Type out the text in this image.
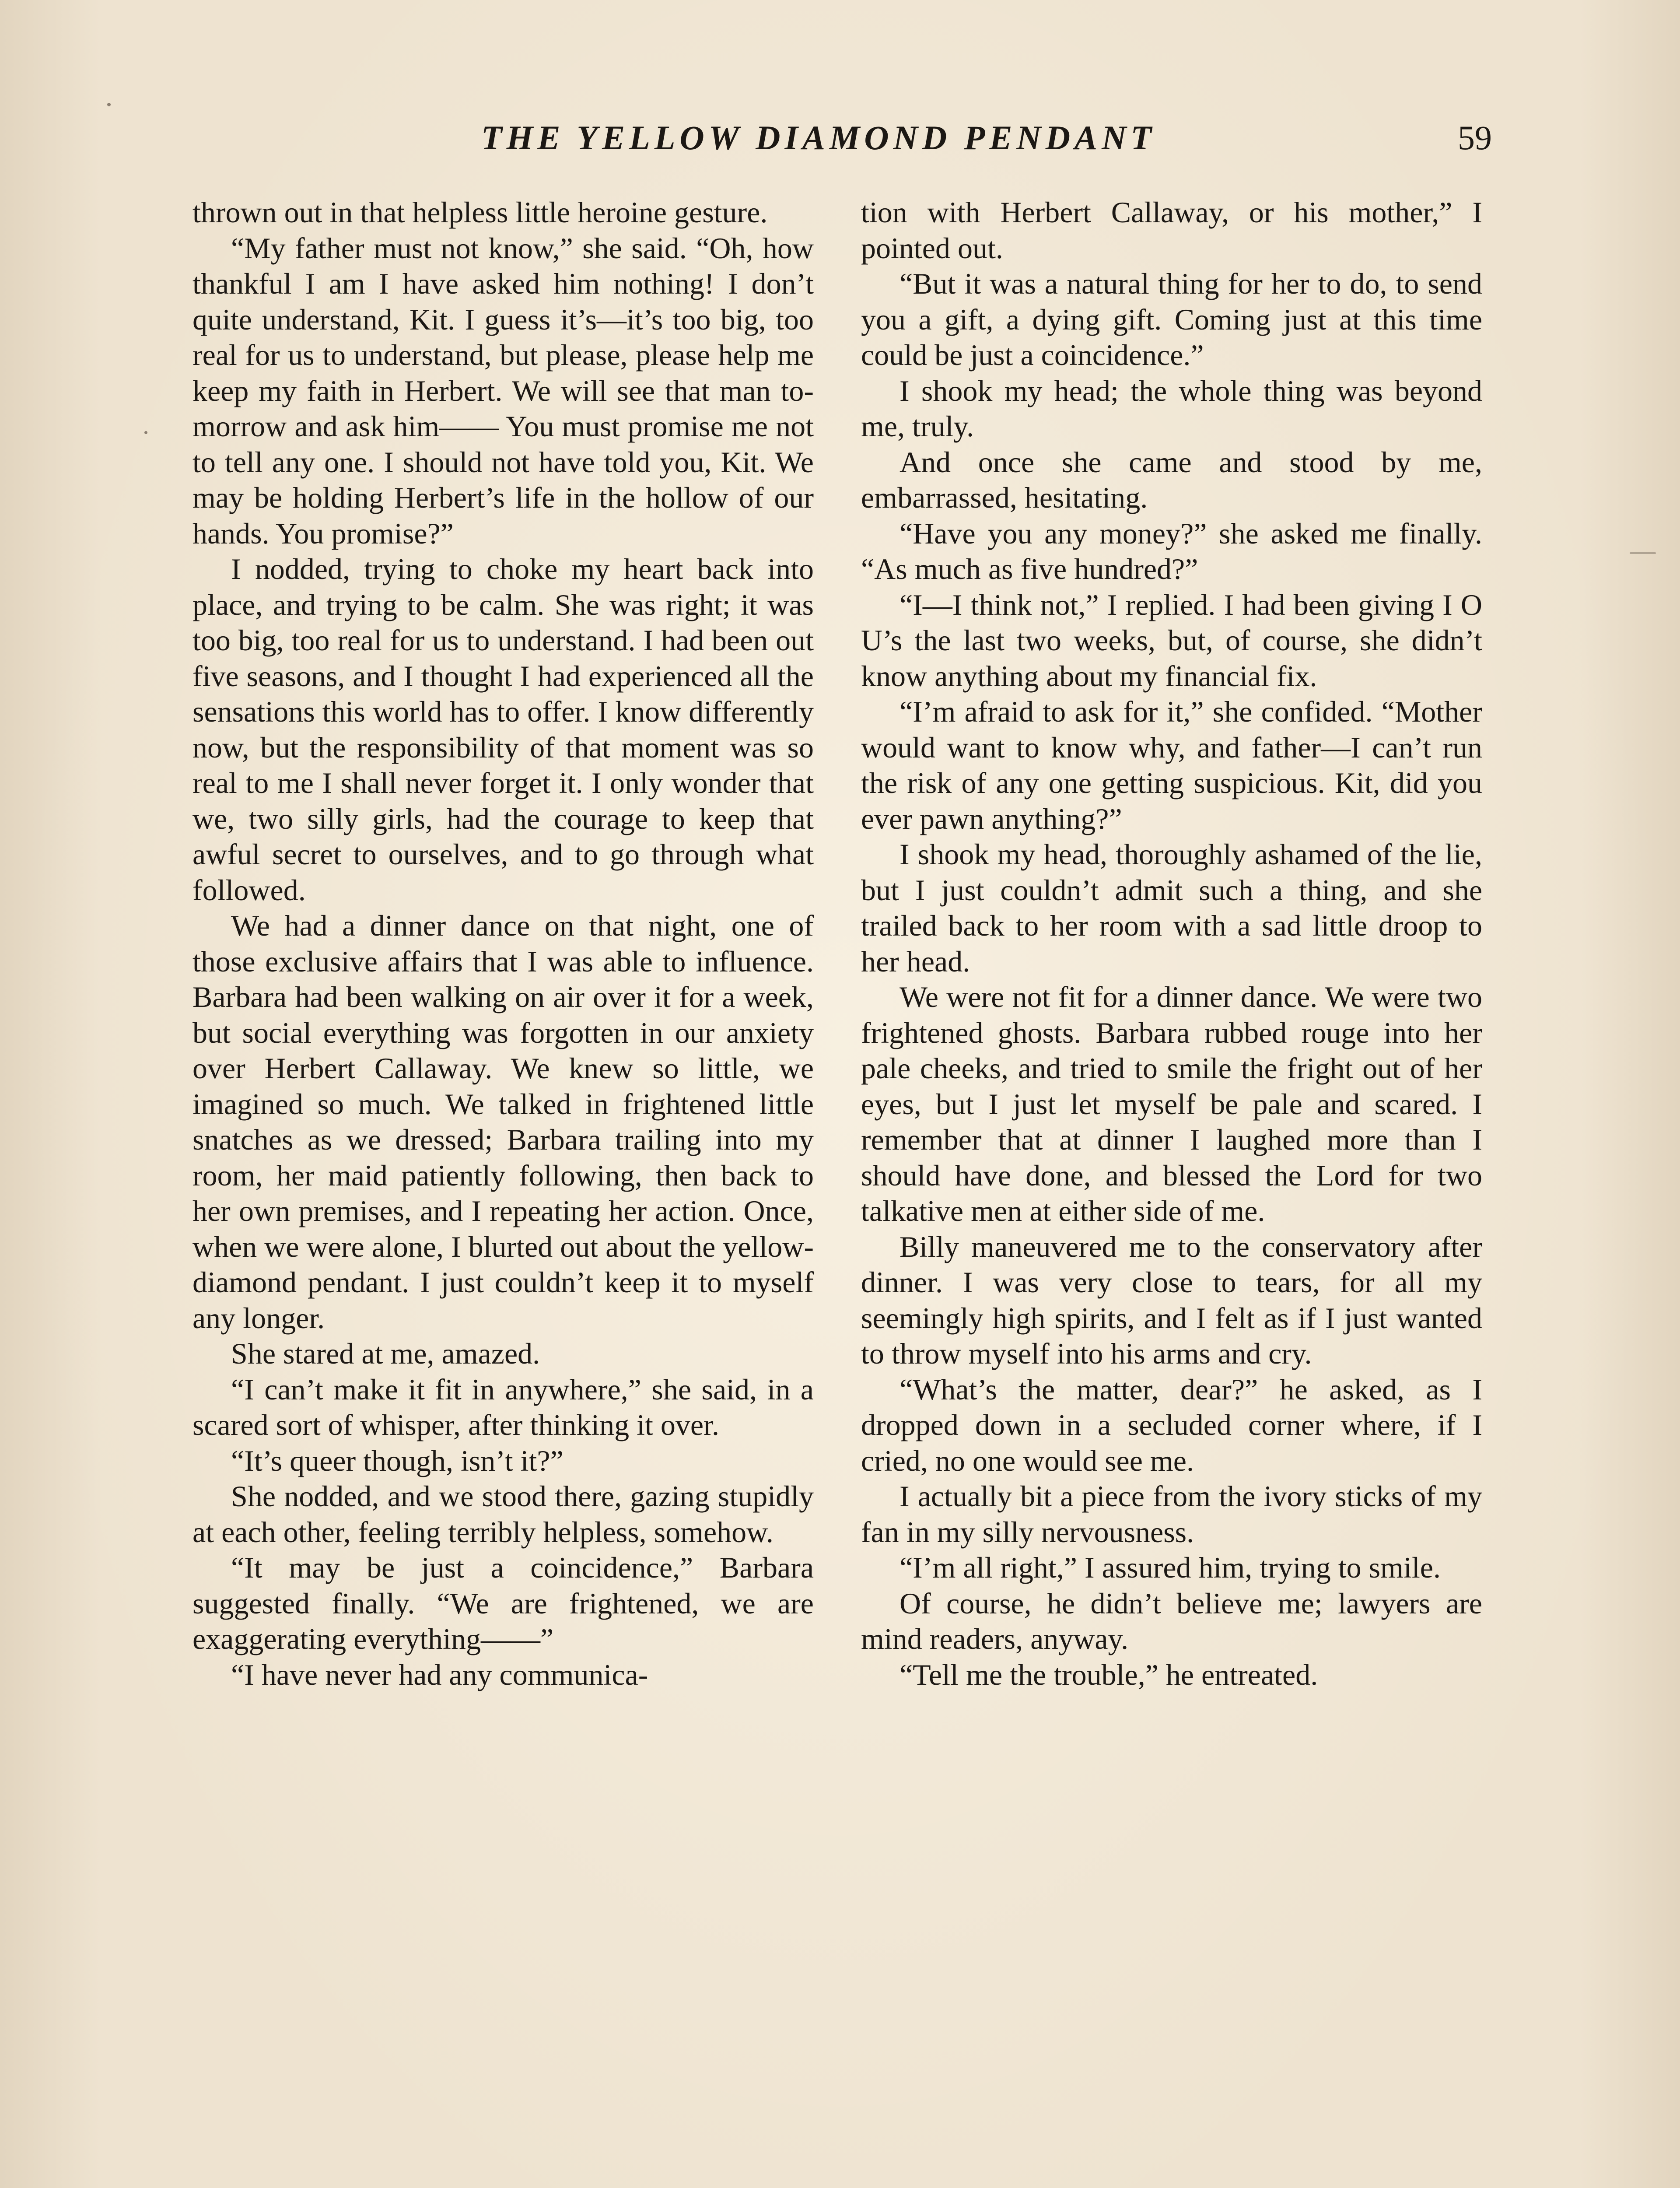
THE YELLOW DIAMOND PENDANT	59

thrown out in that helpless little heroine gesture.

“My father must not know,” she said. “Oh, how thankful I am I have asked him nothing! I don’t quite understand, Kit. I guess it’s—it’s too big, too real for us to understand, but please, please help me keep my faith in Herbert. We will see that man to-morrow and ask him—— You must promise me not to tell any one. I should not have told you, Kit. We may be holding Herbert’s life in the hollow of our hands. You promise?”

I nodded, trying to choke my heart back into place, and trying to be calm. She was right; it was too big, too real for us to understand. I had been out five seasons, and I thought I had experienced all the sensations this world has to offer. I know differently now, but the responsibility of that moment was so real to me I shall never forget it. I only wonder that we, two silly girls, had the courage to keep that awful secret to ourselves, and to go through what followed.

We had a dinner dance on that night, one of those exclusive affairs that I was able to influence. Barbara had been walking on air over it for a week, but social everything was forgotten in our anxiety over Herbert Callaway. We knew so little, we imagined so much. We talked in frightened little snatches as we dressed; Barbara trailing into my room, her maid patiently following, then back to her own premises, and I repeating her action. Once, when we were alone, I blurted out about the yellow-diamond pendant. I just couldn’t keep it to myself any longer.

She stared at me, amazed.

“I can’t make it fit in anywhere,” she said, in a scared sort of whisper, after thinking it over.

“It’s queer though, isn’t it?”

She nodded, and we stood there, gazing stupidly at each other, feeling terribly helpless, somehow.

“It may be just a coincidence,” Barbara suggested finally. “We are frightened, we are exaggerating everything——”

“I have never had any communica-

tion with Herbert Callaway, or his mother,” I pointed out.

“But it was a natural thing for her to do, to send you a gift, a dying gift. Coming just at this time could be just a coincidence.”

I shook my head; the whole thing was beyond me, truly.

And once she came and stood by me, embarrassed, hesitating.

“Have you any money?” she asked me finally. “As much as five hundred?”

“I—I think not,” I replied. I had been giving I O U’s the last two weeks, but, of course, she didn’t know anything about my financial fix.

“I’m afraid to ask for it,” she confided. “Mother would want to know why, and father—I can’t run the risk of any one getting suspicious. Kit, did you ever pawn anything?”

I shook my head, thoroughly ashamed of the lie, but I just couldn’t admit such a thing, and she trailed back to her room with a sad little droop to her head.

We were not fit for a dinner dance. We were two frightened ghosts. Barbara rubbed rouge into her pale cheeks, and tried to smile the fright out of her eyes, but I just let myself be pale and scared. I remember that at dinner I laughed more than I should have done, and blessed the Lord for two talkative men at either side of me.

Billy maneuvered me to the conservatory after dinner. I was very close to tears, for all my seemingly high spirits, and I felt as if I just wanted to throw myself into his arms and cry.

“What’s the matter, dear?” he asked, as I dropped down in a secluded corner where, if I cried, no one would see me.

I actually bit a piece from the ivory sticks of my fan in my silly nervousness.

“I’m all right,” I assured him, trying to smile.

Of course, he didn’t believe me; lawyers are mind readers, anyway.

“Tell me the trouble,” he entreated.
